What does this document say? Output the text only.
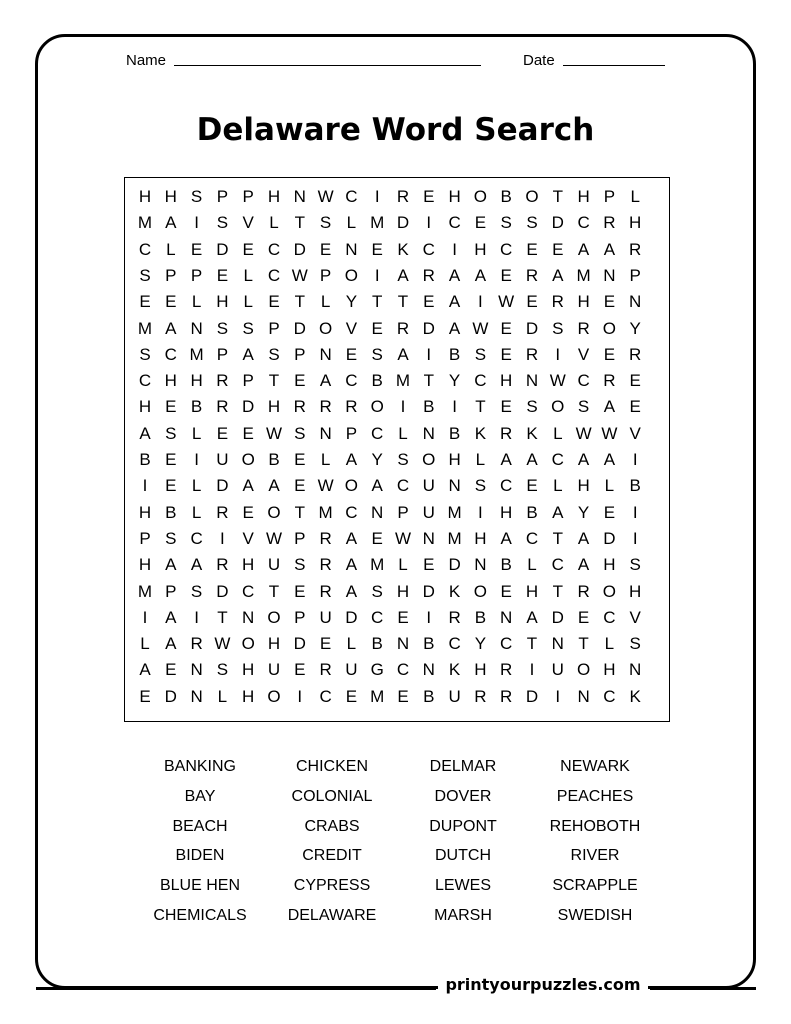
Name	Date
Delaware Word Search
H H S P P H N W C	I	R E H O B O T H P L
M A	I	S V L T S L M D	I	C E S S D C R H
C L E D E C D E N E K C	I	H C E E A A R
S P P E L C W P O I	A R A A E R A M N P
E E L H L E T L Y T T E A	I W E R H E N
M A N S S P D O V E R D A W E D S R O Y
S C M P A S P N E S A	I	B S E R	I	V E R
C H H R P T E A C B M T Y C H N W C R E
H E B R D H R R R O I	B	I	T E S O S A E
A S L E E W S N P C L N B K R K L W W V
B E	I	U O B E L A Y S O H L A A C A A	I
I	E L D A A E W O A C U N S C E L H L B
H B L R E O T M C N P U M I	H B A Y E	I
P S C	I	V W P R A E W N M H A C T A D	I
H A A R H U S R A M L E D N B L C A H S
M P S D C T E R A S H D K O E H T R O H
I	A	I	T N O P U D C E	I	R B N A D E C V
L A R W O H D E L B N B C Y C T N T L S
A E N S H U E R U G C N K H R	I	U O H N
E D N L H O I	C E M E B U R R D	I	N C K
BANKING	CHICKEN	DELMAR	NEWARK
BAY	COLONIAL	DOVER	PEACHES
BEACH	CRABS	DUPONT	REHOBOTH
BIDEN	CREDIT	DUTCH	RIVER
BLUE HEN	CYPRESS	LEWES	SCRAPPLE
CHEMICALS	DELAWARE	MARSH	SWEDISH
printyourpuzzles.com
